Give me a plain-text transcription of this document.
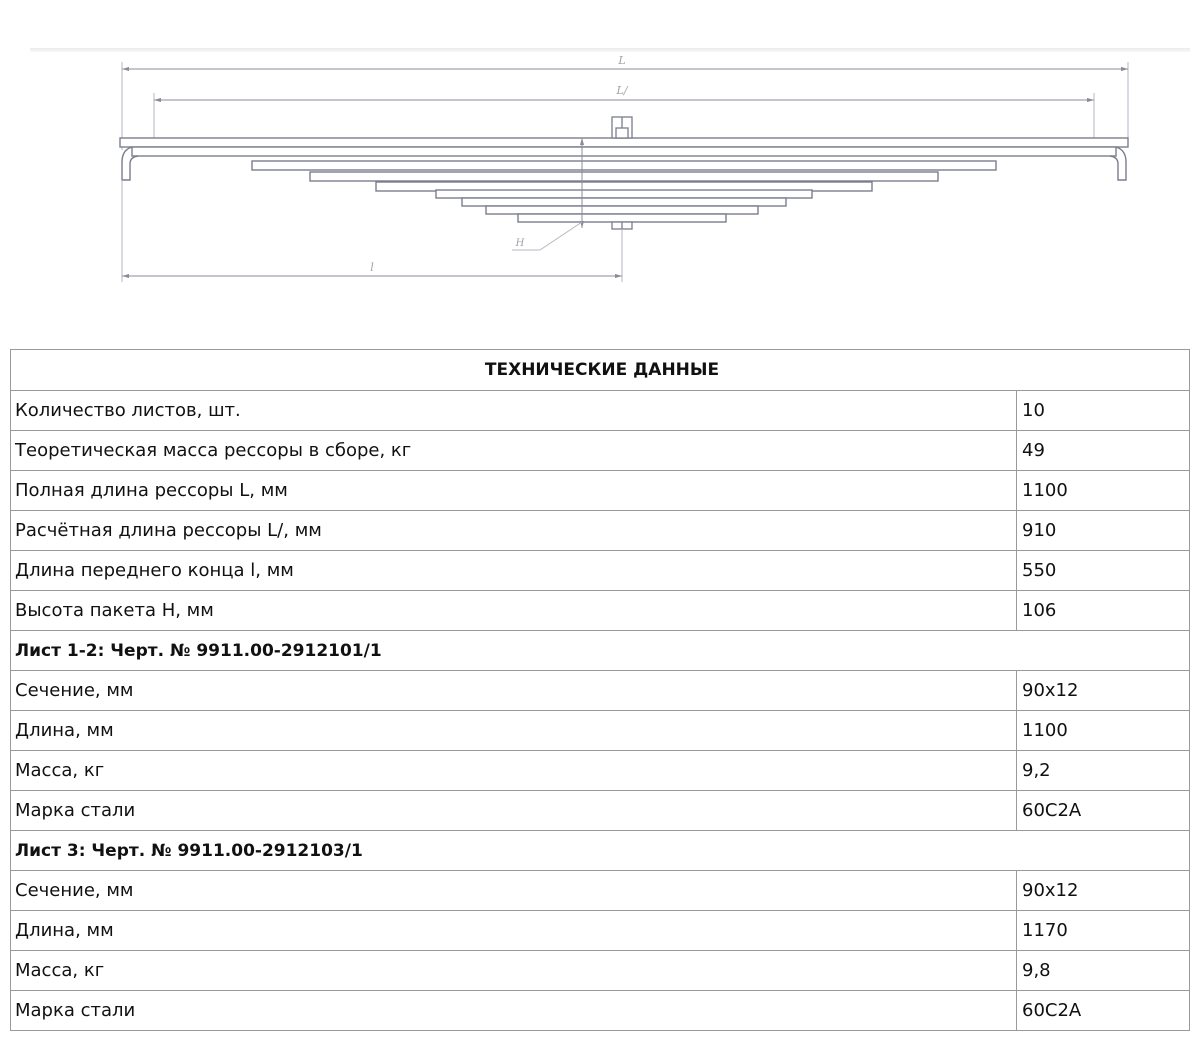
L
L/
H
l
ТЕХНИЧЕСКИЕ ДАННЫЕ	
Количество листов, шт.	10
Теоретическая масса рессоры в сборе, кг	49
Полная длина рессоры L, мм	1100
Расчётная длина рессоры L/, мм	910
Длина переднего конца l, мм	550
Высота пакета Н, мм	106
Лист 1-2: Черт. № 9911.00-2912101/1	
Сечение, мм	90x12
Длина, мм	1100
Масса, кг	9,2
Марка стали	60С2А
Лист 3: Черт. № 9911.00-2912103/1	
Сечение, мм	90x12
Длина, мм	1170
Масса, кг	9,8
Марка стали	60С2А
